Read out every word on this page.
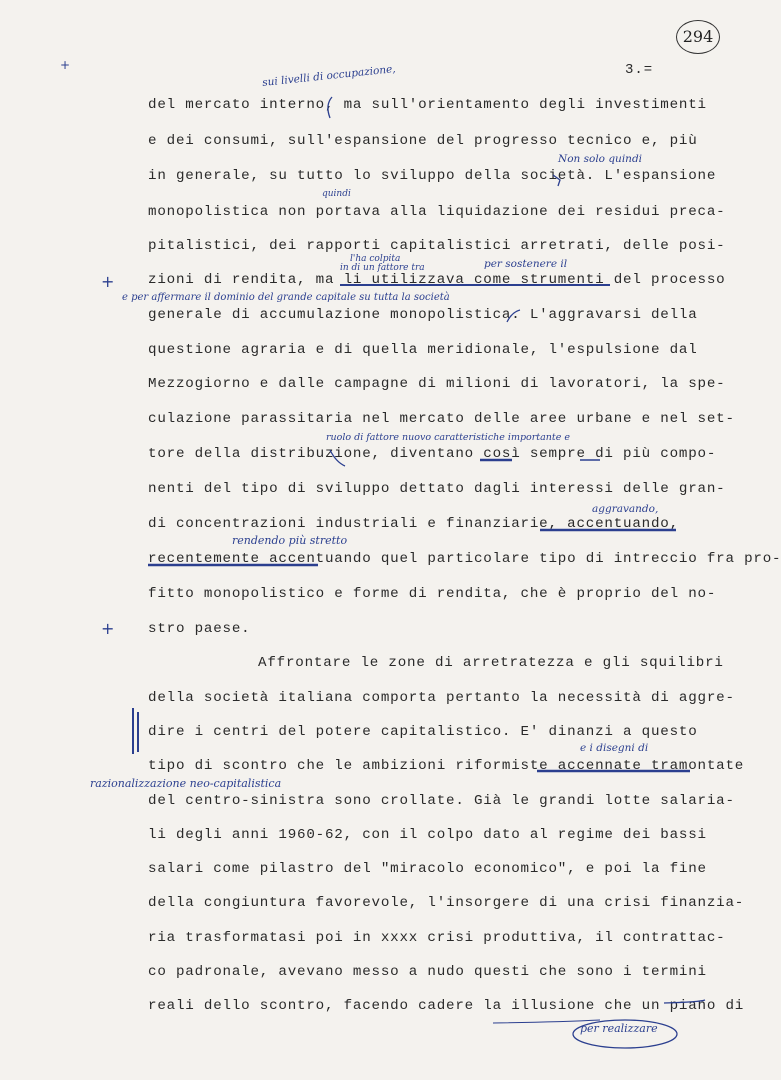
294
3.=
del mercato interno, ma sull'orientamento degli investimenti
e dei consumi, sull'espansione del progresso tecnico e, più
in generale, su tutto lo sviluppo della società. L'espansione
monopolistica non portava alla liquidazione dei residui preca-
pitalistici, dei rapporti capitalistici arretrati, delle posi-
zioni di rendita, ma li utilizzava come strumenti del processo
generale di accumulazione monopolistica. L'aggravarsi della
questione agraria e di quella meridionale, l'espulsione dal
Mezzogiorno e dalle campagne di milioni di lavoratori, la spe-
culazione parassitaria nel mercato delle aree urbane e nel set-
tore della distribuzione, diventano così sempre di più compo-
nenti del tipo di sviluppo dettato dagli interessi delle gran-
di concentrazioni industriali e finanziarie, accentuando,
recentemente accentuando quel particolare tipo di intreccio fra pro-
fitto monopolistico e forme di rendita, che è proprio del no-
stro paese.
Affrontare le zone di arretratezza e gli squilibri
della società italiana comporta pertanto la necessità di aggre-
dire i centri del potere capitalistico. E' dinanzi a questo
tipo di scontro che le ambizioni riformiste accennate tramontate
del centro-sinistra sono crollate. Già le grandi lotte salaria-
li degli anni 1960-62, con il colpo dato al regime dei bassi
salari come pilastro del "miracolo economico", e poi la fine
della congiuntura favorevole, l'insorgere di una crisi finanzia-
ria trasformatasi poi in xxxx crisi produttiva, il contrattac-
co padronale, avevano messo a nudo questi che sono i termini
reali dello scontro, facendo cadere la illusione che un piano di
sui livelli di occupazione,
Non solo quindi
quindi
l'ha colpita
in di un fattore tra	per sostenere il
e per affermare il dominio del grande capitale su tutta la società
ruolo di fattore nuovo caratteristiche importante e
aggravando,
rendendo più stretto
e i disegni di
razionalizzazione neo-capitalistica
per realizzare
+
+
+
